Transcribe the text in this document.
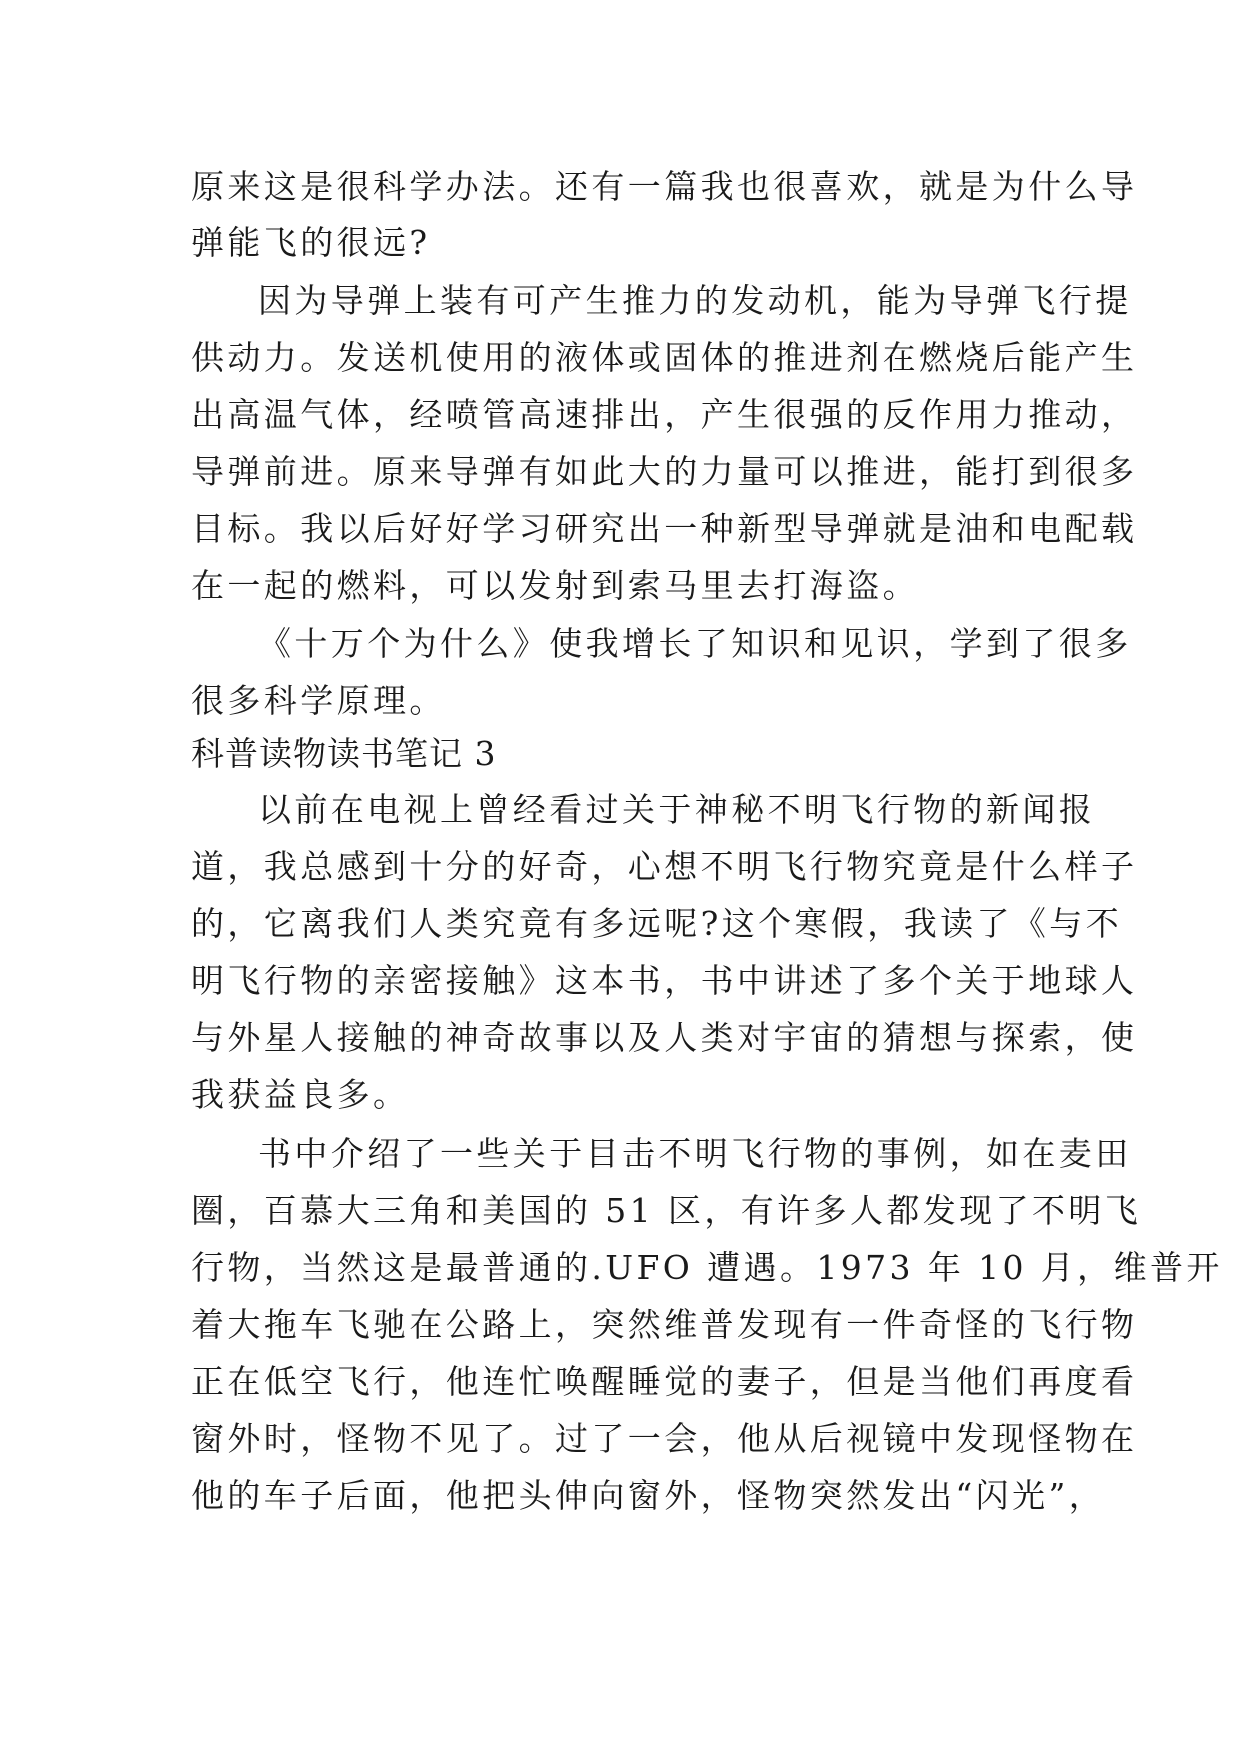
原来这是很科学办法。还有一篇我也很喜欢，就是为什么导
弹能飞的很远?
因为导弹上装有可产生推力的发动机，能为导弹飞行提
供动力。发送机使用的液体或固体的推进剂在燃烧后能产生
出高温气体，经喷管高速排出，产生很强的反作用力推动，
导弹前进。原来导弹有如此大的力量可以推进，能打到很多
目标。我以后好好学习研究出一种新型导弹就是油和电配载
在一起的燃料，可以发射到索马里去打海盗。
《十万个为什么》使我增长了知识和见识，学到了很多
很多科学原理。
科普读物读书笔记 3
以前在电视上曾经看过关于神秘不明飞行物的新闻报
道，我总感到十分的好奇，心想不明飞行物究竟是什么样子
的，它离我们人类究竟有多远呢?这个寒假，我读了《与不
明飞行物的亲密接触》这本书，书中讲述了多个关于地球人
与外星人接触的神奇故事以及人类对宇宙的猜想与探索，使
我获益良多。
书中介绍了一些关于目击不明飞行物的事例，如在麦田
圈，百慕大三角和美国的 51 区，有许多人都发现了不明飞
行物，当然这是最普通的.UFO 遭遇。1973 年 10 月，维普开
着大拖车飞驰在公路上，突然维普发现有一件奇怪的飞行物
正在低空飞行，他连忙唤醒睡觉的妻子，但是当他们再度看
窗外时，怪物不见了。过了一会，他从后视镜中发现怪物在
他的车子后面，他把头伸向窗外，怪物突然发出“闪光”，
